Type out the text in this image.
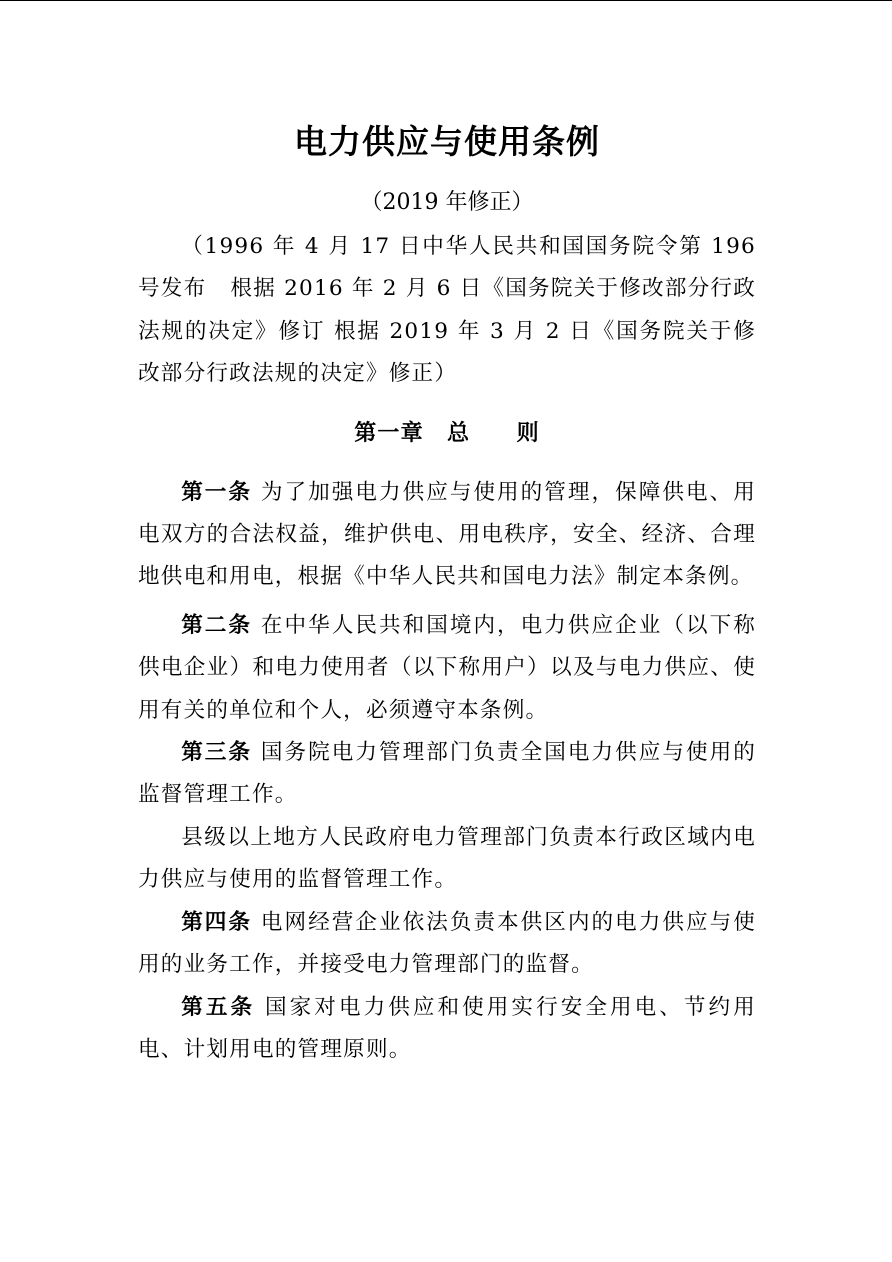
电力供应与使用条例
（2019 年修正）

（1996 年 4 月 17 日中华人民共和国国务院令第 196 号发布 根据 2016 年 2 月 6 日《国务院关于修改部分行政法规的决定》修订 根据 2019 年 3 月 2 日《国务院关于修改部分行政法规的决定》修正）

第一章　总　　则

第一条 为了加强电力供应与使用的管理，保障供电、用电双方的合法权益，维护供电、用电秩序，安全、经济、合理地供电和用电，根据《中华人民共和国电力法》制定本条例。

第二条 在中华人民共和国境内，电力供应企业（以下称供电企业）和电力使用者（以下称用户）以及与电力供应、使用有关的单位和个人，必须遵守本条例。

第三条 国务院电力管理部门负责全国电力供应与使用的监督管理工作。

县级以上地方人民政府电力管理部门负责本行政区域内电力供应与使用的监督管理工作。

第四条 电网经营企业依法负责本供区内的电力供应与使用的业务工作，并接受电力管理部门的监督。

第五条 国家对电力供应和使用实行安全用电、节约用电、计划用电的管理原则。
